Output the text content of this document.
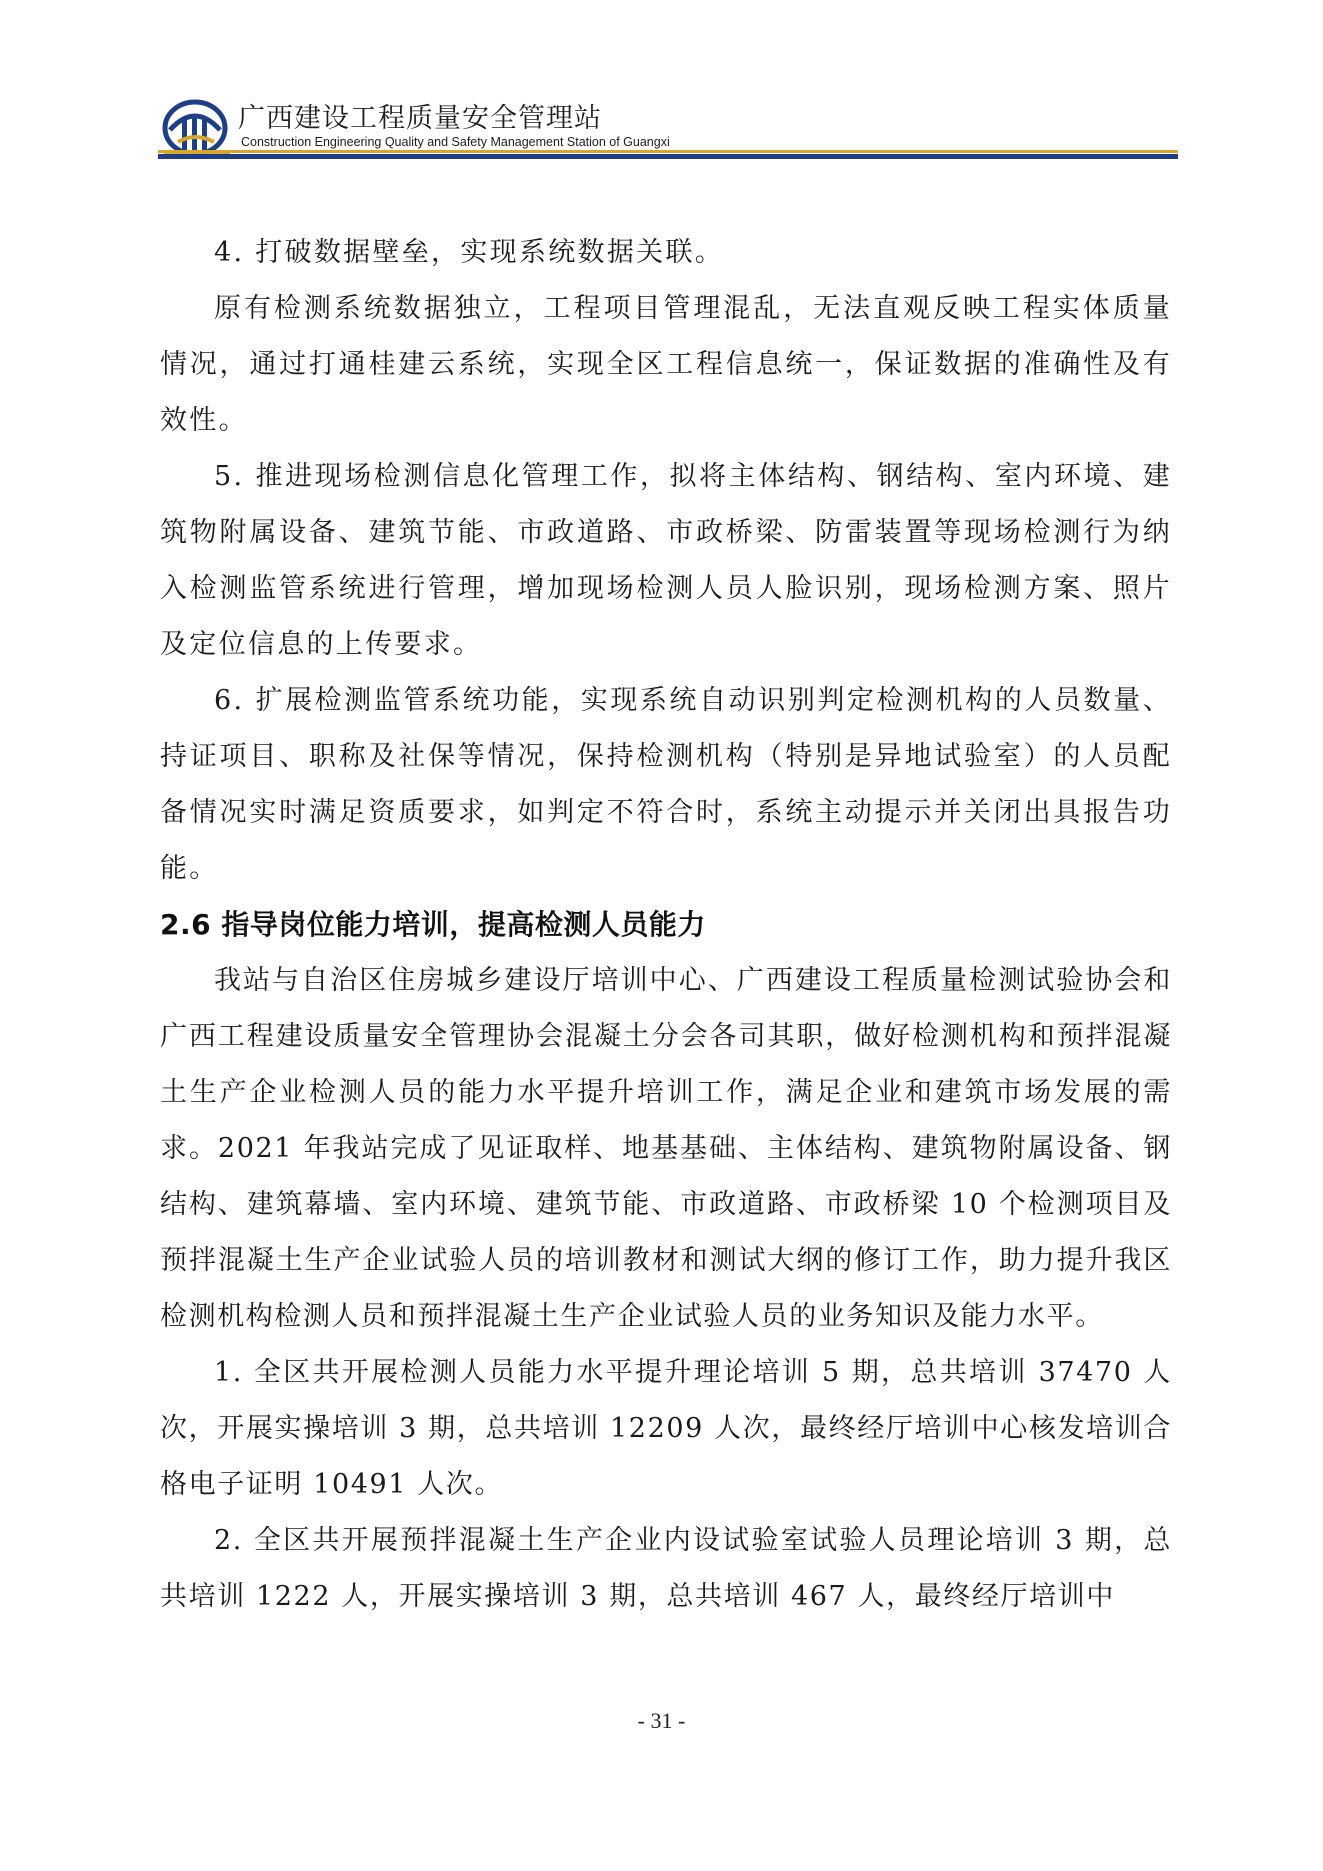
广西建设工程质量安全管理站
Construction Engineering Quality and Safety Management Station of Guangxi

4. 打破数据壁垒，实现系统数据关联。

原有检测系统数据独立，工程项目管理混乱，无法直观反映工程实体质量情况，通过打通桂建云系统，实现全区工程信息统一，保证数据的准确性及有效性。

5. 推进现场检测信息化管理工作，拟将主体结构、钢结构、室内环境、建筑物附属设备、建筑节能、市政道路、市政桥梁、防雷装置等现场检测行为纳入检测监管系统进行管理，增加现场检测人员人脸识别，现场检测方案、照片及定位信息的上传要求。

6. 扩展检测监管系统功能，实现系统自动识别判定检测机构的人员数量、持证项目、职称及社保等情况，保持检测机构（特别是异地试验室）的人员配备情况实时满足资质要求，如判定不符合时，系统主动提示并关闭出具报告功能。

2.6 指导岗位能力培训，提高检测人员能力

我站与自治区住房城乡建设厅培训中心、广西建设工程质量检测试验协会和广西工程建设质量安全管理协会混凝土分会各司其职，做好检测机构和预拌混凝土生产企业检测人员的能力水平提升培训工作，满足企业和建筑市场发展的需求。2021 年我站完成了见证取样、地基基础、主体结构、建筑物附属设备、钢结构、建筑幕墙、室内环境、建筑节能、市政道路、市政桥梁 10 个检测项目及预拌混凝土生产企业试验人员的培训教材和测试大纲的修订工作，助力提升我区检测机构检测人员和预拌混凝土生产企业试验人员的业务知识及能力水平。

1. 全区共开展检测人员能力水平提升理论培训 5 期，总共培训 37470 人次，开展实操培训 3 期，总共培训 12209 人次，最终经厅培训中心核发培训合格电子证明 10491 人次。

2. 全区共开展预拌混凝土生产企业内设试验室试验人员理论培训 3 期，总共培训 1222 人，开展实操培训 3 期，总共培训 467 人，最终经厅培训中

- 31 -
